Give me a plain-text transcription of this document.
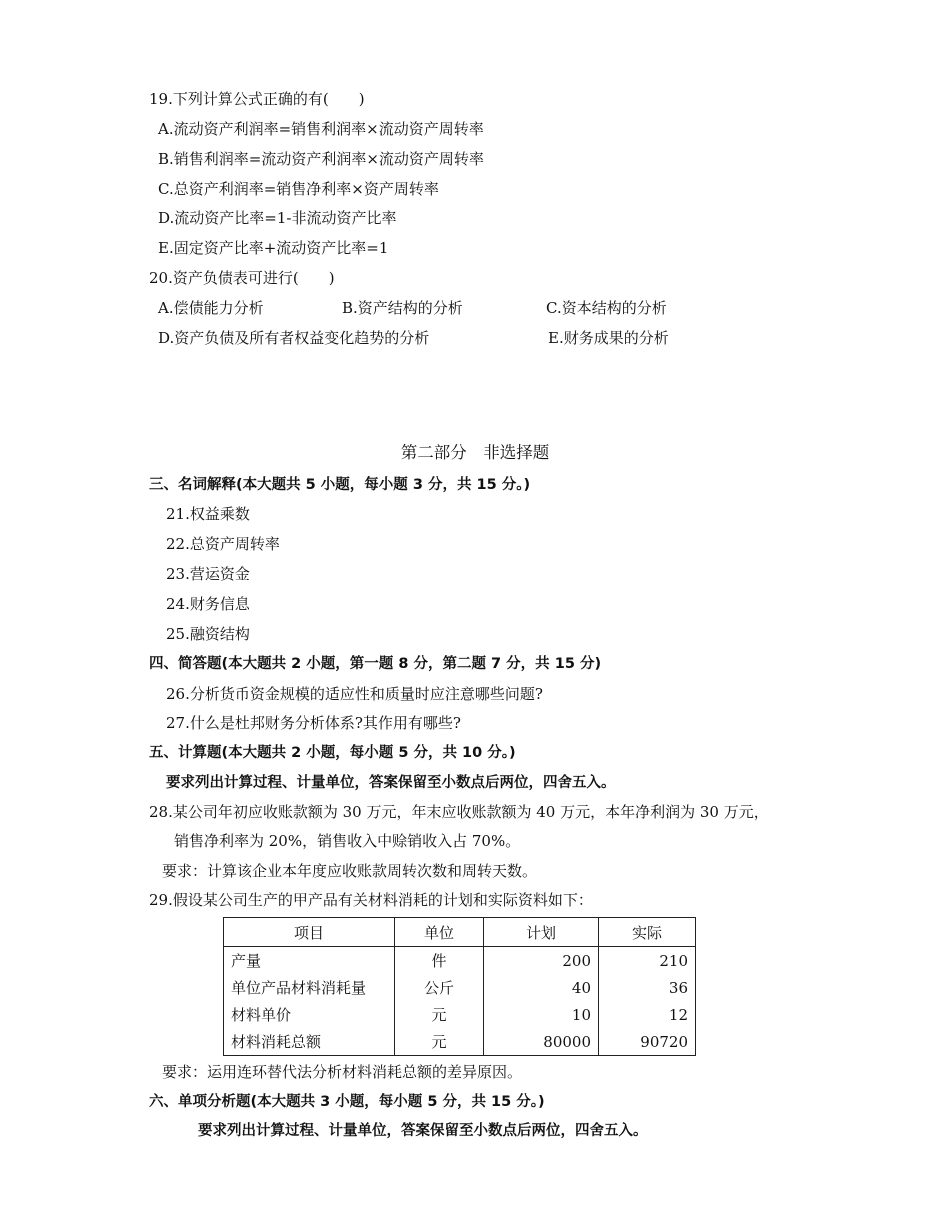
19.下列计算公式正确的有(　　)
A.流动资产利润率=销售利润率×流动资产周转率
B.销售利润率=流动资产利润率×流动资产周转率
C.总资产利润率=销售净利率×资产周转率
D.流动资产比率=1-非流动资产比率
E.固定资产比率+流动资产比率=1
20.资产负债表可进行(　　)
A.偿债能力分析	B.资产结构的分析	C.资本结构的分析
D.资产负债及所有者权益变化趋势的分析	E.财务成果的分析
第二部分　非选择题
三、名词解释(本大题共 5 小题，每小题 3 分，共 15 分。)
21.权益乘数
22.总资产周转率
23.营运资金
24.财务信息
25.融资结构
四、简答题(本大题共 2 小题，第一题 8 分，第二题 7 分，共 15 分)
26.分析货币资金规模的适应性和质量时应注意哪些问题?
27.什么是杜邦财务分析体系?其作用有哪些?
五、计算题(本大题共 2 小题，每小题 5 分，共 10 分。)
要求列出计算过程、计量单位，答案保留至小数点后两位，四舍五入。
28.某公司年初应收账款额为 30 万元，年末应收账款额为 40 万元，本年净利润为 30 万元，
销售净利率为 20%，销售收入中赊销收入占 70%。
要求：计算该企业本年度应收账款周转次数和周转天数。
29.假设某公司生产的甲产品有关材料消耗的计划和实际资料如下：
项目	单位	计划	实际
产量	件	200	210
单位产品材料消耗量	公斤	40	36
材料单价	元	10	12
材料消耗总额	元	80000	90720
要求：运用连环替代法分析材料消耗总额的差异原因。
六、单项分析题(本大题共 3 小题，每小题 5 分，共 15 分。)
要求列出计算过程、计量单位，答案保留至小数点后两位，四舍五入。
